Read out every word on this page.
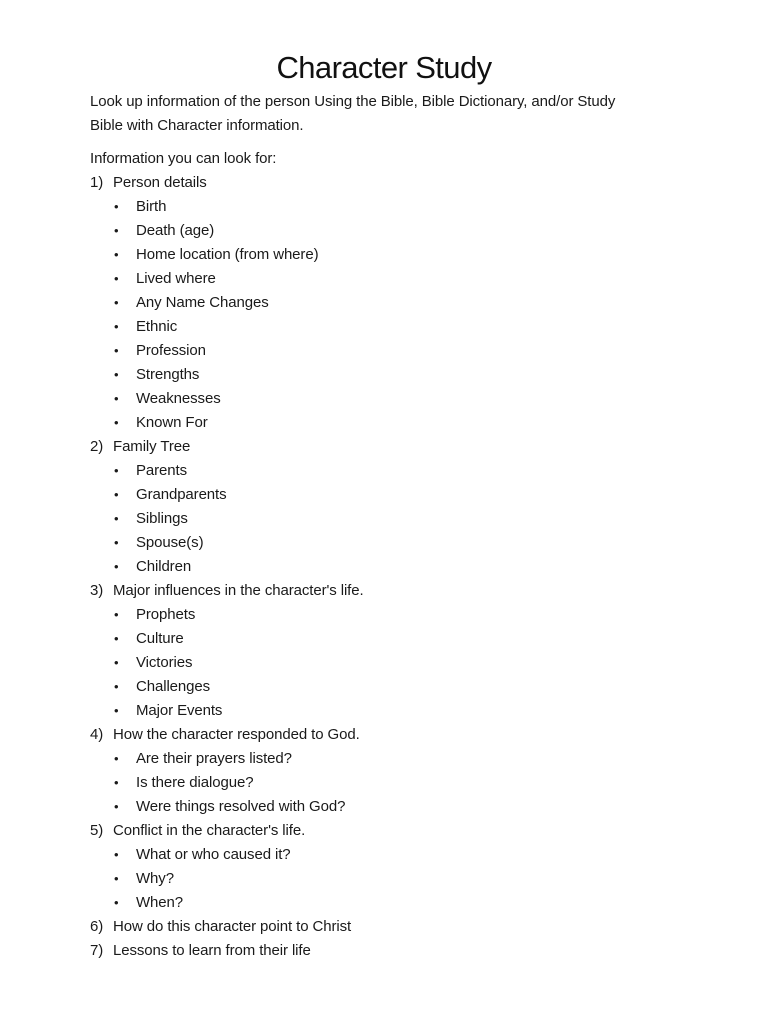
Character Study

Look up information of the person Using the Bible, Bible Dictionary, and/or Study
Bible with Character information.

Information you can look for:

1) Person details
• Birth
• Death (age)
• Home location (from where)
• Lived where
• Any Name Changes
• Ethnic
• Profession
• Strengths
• Weaknesses
• Known For
2) Family Tree
• Parents
• Grandparents
• Siblings
• Spouse(s)
• Children
3) Major influences in the character's life.
• Prophets
• Culture
• Victories
• Challenges
• Major Events
4) How the character responded to God.
• Are their prayers listed?
• Is there dialogue?
• Were things resolved with God?
5) Conflict in the character's life.
• What or who caused it?
• Why?
• When?
6) How do this character point to Christ
7) Lessons to learn from their life
